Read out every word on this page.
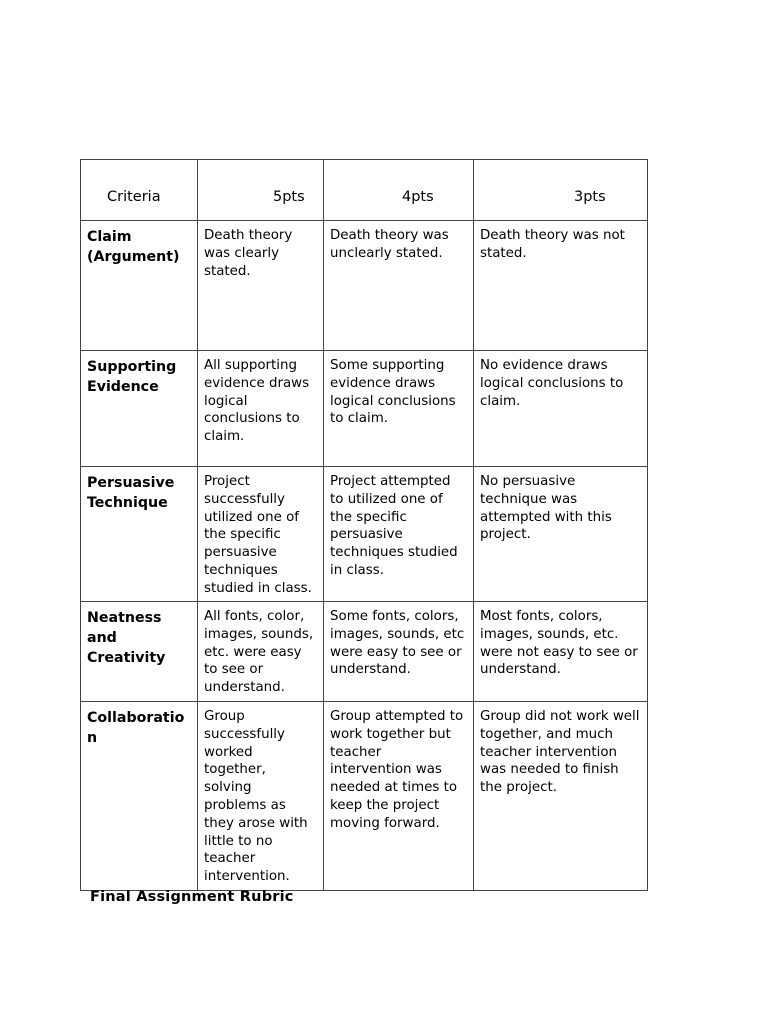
Criteria	5pts	4pts	3pts

Claim (Argument)	Death theory was clearly stated.	Death theory was unclearly stated.	Death theory was not stated.
Supporting Evidence	All supporting evidence draws logical conclusions to claim.	Some supporting evidence draws logical conclusions to claim.	No evidence draws logical conclusions to claim.
Persuasive Technique	Project successfully utilized one of the specific persuasive techniques studied in class.	Project attempted to utilized one of the specific persuasive techniques studied in class.	No persuasive technique was attempted with this project.
Neatness and Creativity	All fonts, color, images, sounds, etc. were easy to see or understand.	Some fonts, colors, images, sounds, etc were easy to see or understand.	Most fonts, colors, images, sounds, etc. were not easy to see or understand.
Collaboration	Group successfully worked together, solving problems as they arose with little to no teacher intervention.	Group attempted to work together but teacher intervention was needed at times to keep the project moving forward.	Group did not work well together, and much teacher intervention was needed to finish the project.

Final Assignment Rubric
